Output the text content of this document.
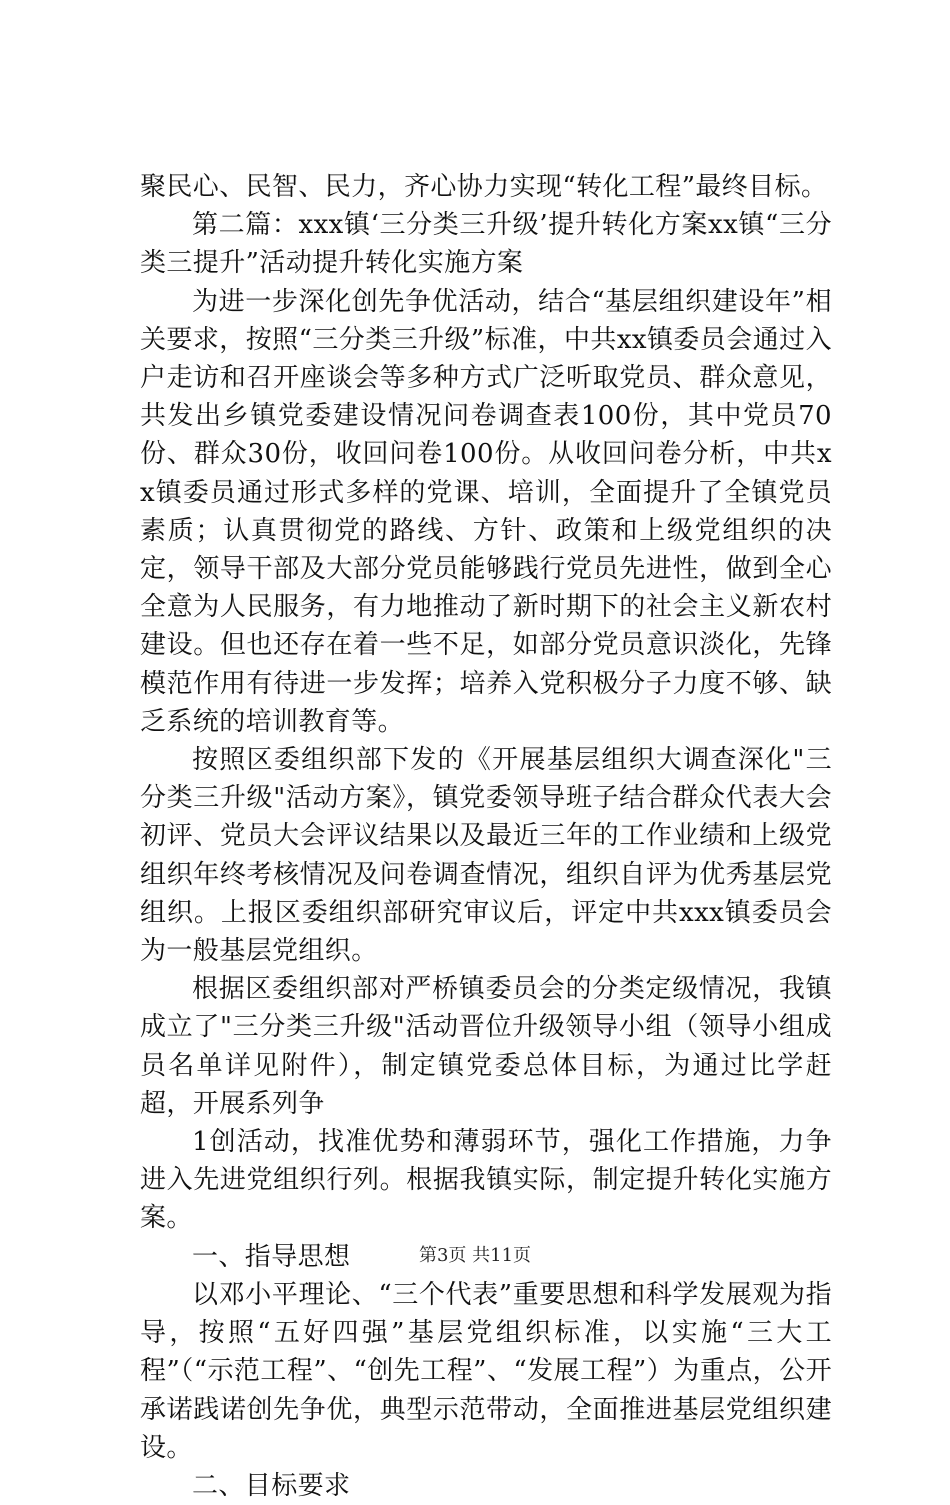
聚民心、民智、民力，齐心协力实现“转化工程”最终目标。

第二篇：xxx镇‘三分类三升级’提升转化方案xx镇“三分类三提升”活动提升转化实施方案

为进一步深化创先争优活动，结合“基层组织建设年”相关要求，按照“三分类三升级”标准，中共xx镇委员会通过入户走访和召开座谈会等多种方式广泛听取党员、群众意见，共发出乡镇党委建设情况问卷调查表100份，其中党员70份、群众30份，收回问卷100份。从收回问卷分析，中共xx镇委员通过形式多样的党课、培训，全面提升了全镇党员素质；认真贯彻党的路线、方针、政策和上级党组织的决定，领导干部及大部分党员能够践行党员先进性，做到全心全意为人民服务，有力地推动了新时期下的社会主义新农村建设。但也还存在着一些不足，如部分党员意识淡化，先锋模范作用有待进一步发挥；培养入党积极分子力度不够、缺乏系统的培训教育等。

按照区委组织部下发的《开展基层组织大调查深化"三分类三升级"活动方案》，镇党委领导班子结合群众代表大会初评、党员大会评议结果以及最近三年的工作业绩和上级党组织年终考核情况及问卷调查情况，组织自评为优秀基层党组织。上报区委组织部研究审议后，评定中共xxx镇委员会为一般基层党组织。

根据区委组织部对严桥镇委员会的分类定级情况，我镇成立了"三分类三升级"活动晋位升级领导小组（领导小组成员名单详见附件），制定镇党委总体目标，为通过比学赶超，开展系列争

1创活动，找准优势和薄弱环节，强化工作措施，力争进入先进党组织行列。根据我镇实际，制定提升转化实施方案。

一、指导思想

以邓小平理论、“三个代表”重要思想和科学发展观为指导，按照“五好四强”基层党组织标准，以实施“三大工程”（“示范工程”、“创先工程”、“发展工程”）为重点，公开承诺践诺创先争优，典型示范带动，全面推进基层党组织建设。

二、目标要求

第3页 共11页
